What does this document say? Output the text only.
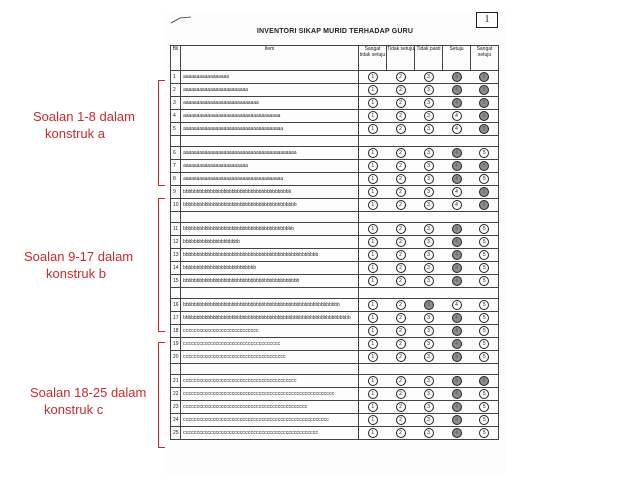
1
INVENTORI SIKAP MURID TERHADAP GURU
Bil	Item	Sangat tidak setuju	Tidak setuju	Tidak pasti	Setuju	Sangat setuju
1	aaaaaaaaaaaaaaaaa	1	2	3	4	5
2	aaaaaaaaaaaaaaaaaaaaaaaa	1	2	3	4	5
3	aaaaaaaaaaaaaaaaaaaaaaaaaaaa	1	2	3	4	5
4	aaaaaaaaaaaaaaaaaaaaaaaaaaaaaaaaaaaa	1	2	3	4	5
5	aaaaaaaaaaaaaaaaaaaaaaaaaaaaaaaaaaaaa	1	2	3	4	5

6	aaaaaaaaaaaaaaaaaaaaaaaaaaaaaaaaaaaaaaaaaa	1	2	3	4	5
7	aaaaaaaaaaaaaaaaaaaaaaaa	1	2	3	4	5
8	aaaaaaaaaaaaaaaaaaaaaaaaaaaaaaaaaaaaa	1	2	3	4	5
9	bbbbbbbbbbbbbbbbbbbbbbbbbbbbbbbbbbbbbbbb	1	2	3	4	5
10	bbbbbbbbbbbbbbbbbbbbbbbbbbbbbbbbbbbbbbbbbb	1	2	3	4	5

11	bbbbbbbbbbbbbbbbbbbbbbbbbbbbbbbbbbbbbbbbb	1	2	3	4	5
12	bbbbbbbbbbbbbbbbbbbbb	1	2	3	4	5
13	bbbbbbbbbbbbbbbbbbbbbbbbbbbbbbbbbbbbbbbbbbbbbbbbbb	1	2	3	4	5
14	bbbbbbbbbbbbbbbbbbbbbbbbbbb	1	2	3	4	5
15	bbbbbbbbbbbbbbbbbbbbbbbbbbbbbbbbbbbbbbbbbbb	1	2	3	4	5

16	bbbbbbbbbbbbbbbbbbbbbbbbbbbbbbbbbbbbbbbbbbbbbbbbbbbbbbbbbb	1	2	3	4	5
17	bbbbbbbbbbbbbbbbbbbbbbbbbbbbbbbbbbbbbbbbbbbbbbbbbbbbbbbbbbbbbb	1	2	3	4	5
18	cccccccccccccccccccccccccccc	1	2	3	4	5
19	cccccccccccccccccccccccccccccccccccc	1	2	3	4	5
20	cccccccccccccccccccccccccccccccccccccc	1	2	3	4	5

21	cccccccccccccccccccccccccccccccccccccccccc	1	2	3	4	5
22	cccccccccccccccccccccccccccccccccccccccccccccccccccccccc	1	2	3	4	5
23	cccccccccccccccccccccccccccccccccccccccccccccc	1	2	3	4	5
24	cccccccccccccccccccccccccccccccccccccccccccccccccccccc	1	2	3	4	5
25	cccccccccccccccccccccccccccccccccccccccccccccccccc	1	2	3	4	5
Soalan 1-8 dalam
konstruk a
Soalan 9-17 dalam
konstruk b
Soalan 18-25 dalam
konstruk c
